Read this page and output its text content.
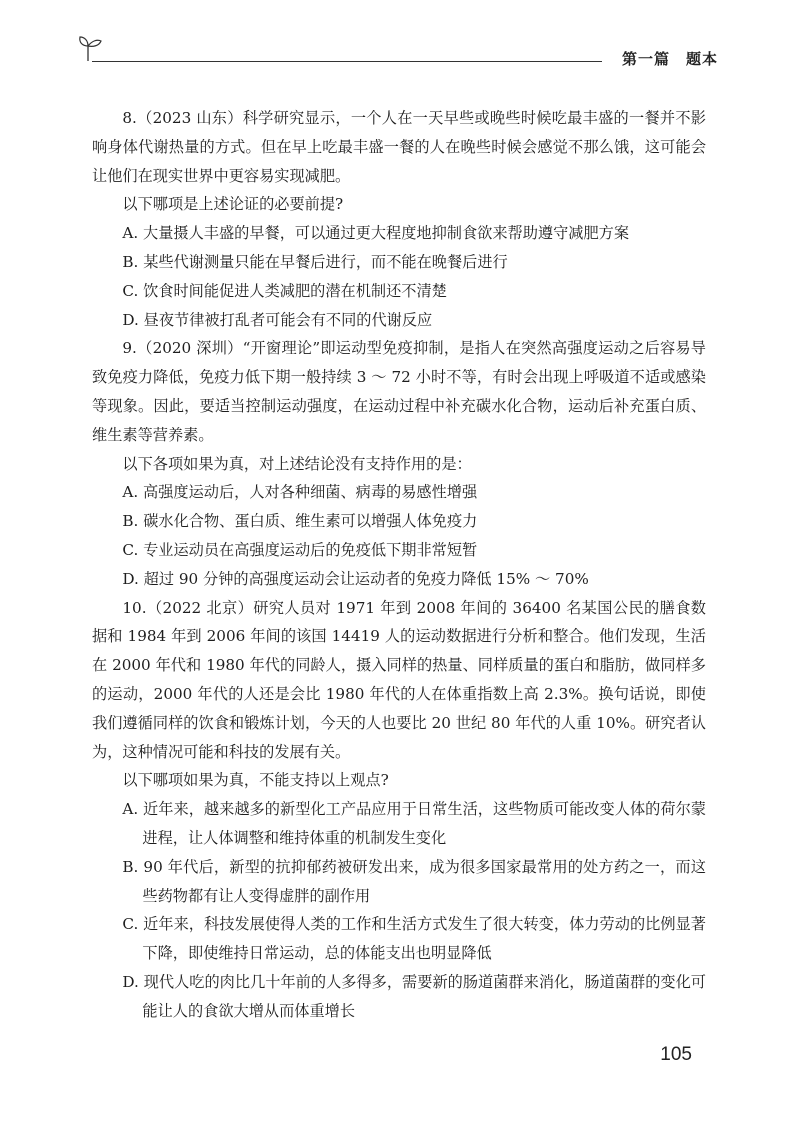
第一篇　题本

8.（2023 山东）科学研究显示，一个人在一天早些或晚些时候吃最丰盛的一餐并不影响身体代谢热量的方式。但在早上吃最丰盛一餐的人在晚些时候会感觉不那么饿，这可能会让他们在现实世界中更容易实现减肥。

以下哪项是上述论证的必要前提?

A. 大量摄人丰盛的早餐，可以通过更大程度地抑制食欲来帮助遵守减肥方案

B. 某些代谢测量只能在早餐后进行，而不能在晚餐后进行

C. 饮食时间能促进人类减肥的潜在机制还不清楚

D. 昼夜节律被打乱者可能会有不同的代谢反应

9.（2020 深圳）“开窗理论”即运动型免疫抑制，是指人在突然高强度运动之后容易导致免疫力降低，免疫力低下期一般持续 3 ～ 72 小时不等，有时会出现上呼吸道不适或感染等现象。因此，要适当控制运动强度，在运动过程中补充碳水化合物，运动后补充蛋白质、维生素等营养素。

以下各项如果为真，对上述结论没有支持作用的是：

A. 高强度运动后，人对各种细菌、病毒的易感性增强

B. 碳水化合物、蛋白质、维生素可以增强人体免疫力

C. 专业运动员在高强度运动后的免疫低下期非常短暂

D. 超过 90 分钟的高强度运动会让运动者的免疫力降低 15% ～ 70%

10.（2022 北京）研究人员对 1971 年到 2008 年间的 36400 名某国公民的膳食数据和 1984 年到 2006 年间的该国 14419 人的运动数据进行分析和整合。他们发现，生活在 2000 年代和 1980 年代的同龄人，摄入同样的热量、同样质量的蛋白和脂肪，做同样多的运动，2000 年代的人还是会比 1980 年代的人在体重指数上高 2.3%。换句话说，即使我们遵循同样的饮食和锻炼计划，今天的人也要比 20 世纪 80 年代的人重 10%。研究者认为，这种情况可能和科技的发展有关。

以下哪项如果为真，不能支持以上观点?

A. 近年来，越来越多的新型化工产品应用于日常生活，这些物质可能改变人体的荷尔蒙进程，让人体调整和维持体重的机制发生变化

B. 90 年代后，新型的抗抑郁药被研发出来，成为很多国家最常用的处方药之一，而这些药物都有让人变得虚胖的副作用

C. 近年来，科技发展使得人类的工作和生活方式发生了很大转变，体力劳动的比例显著下降，即使维持日常运动，总的体能支出也明显降低

D. 现代人吃的肉比几十年前的人多得多，需要新的肠道菌群来消化，肠道菌群的变化可能让人的食欲大增从而体重增长

105
